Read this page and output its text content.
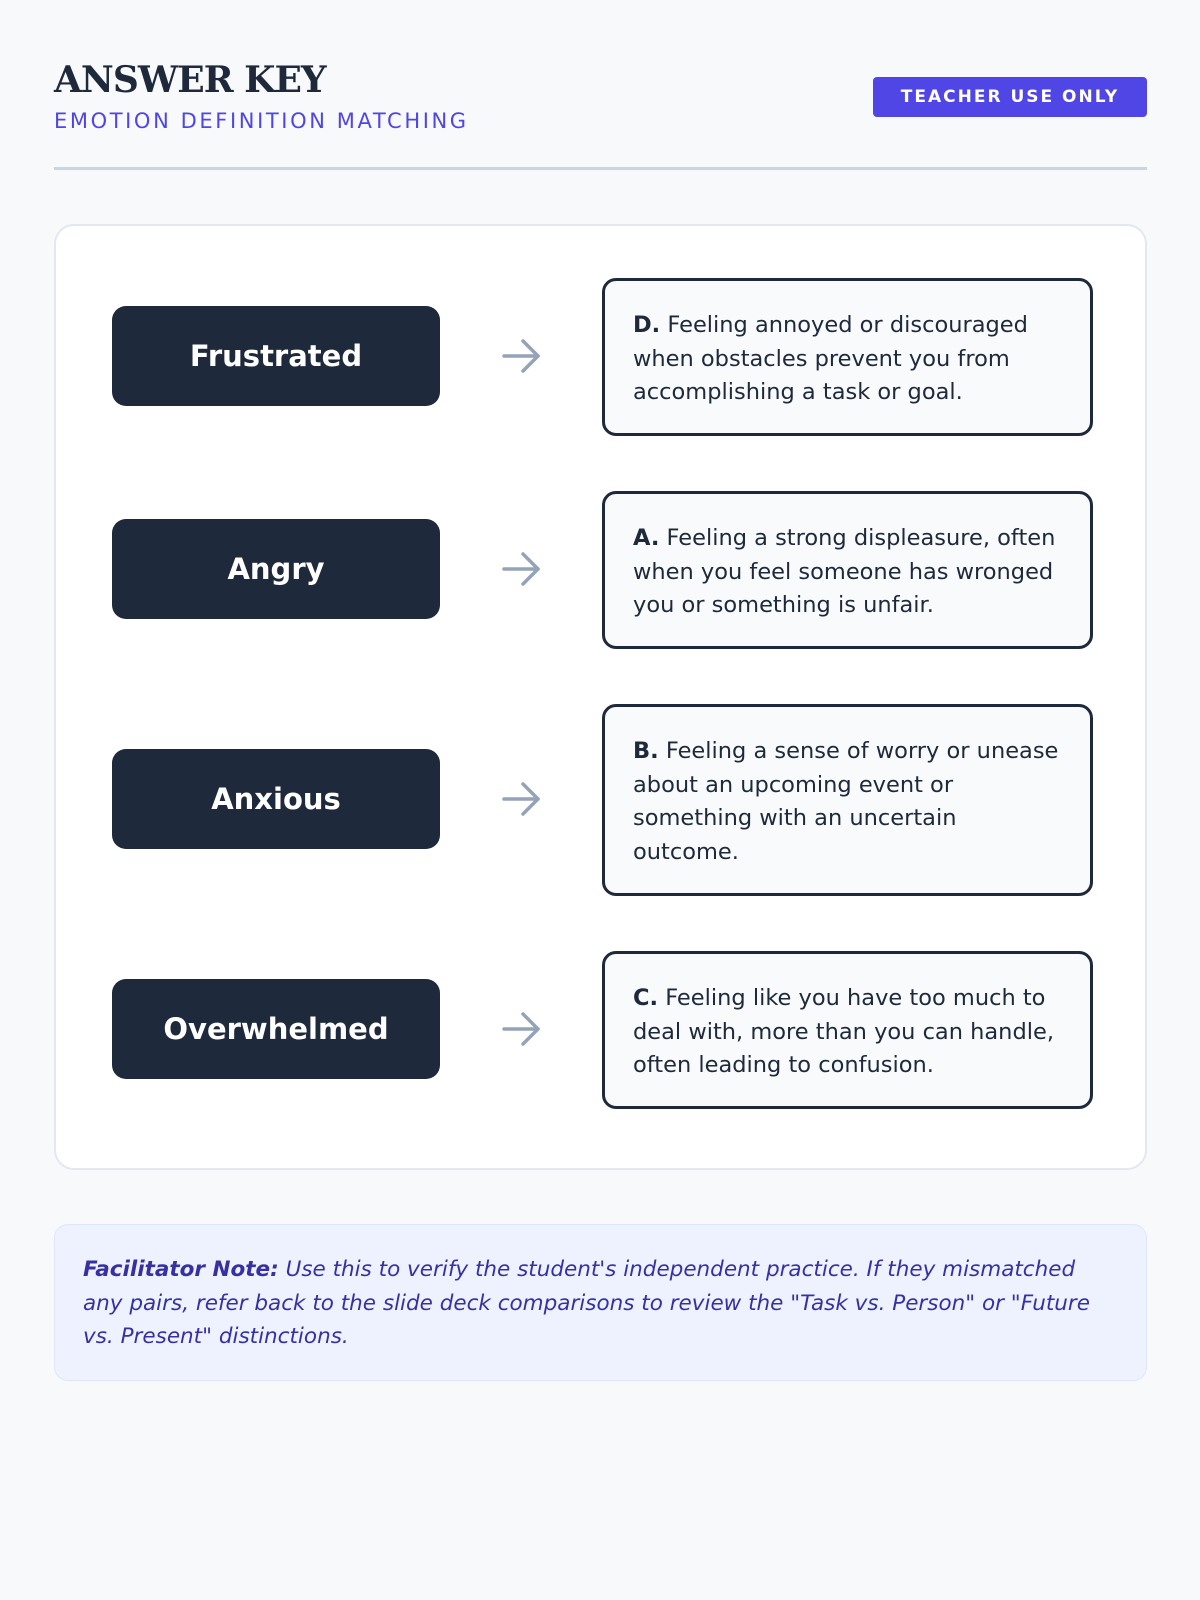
ANSWER KEY
EMOTION DEFINITION MATCHING
TEACHER USE ONLY
Frustrated
D. Feeling annoyed or discouraged when obstacles prevent you from accomplishing a task or goal.
Angry
A. Feeling a strong displeasure, often when you feel someone has wronged you or something is unfair.
Anxious
B. Feeling a sense of worry or unease about an upcoming event or something with an uncertain outcome.
Overwhelmed
C. Feeling like you have too much to deal with, more than you can handle, often leading to confusion.
Facilitator Note: Use this to verify the student's independent practice. If they mismatched any pairs, refer back to the slide deck comparisons to review the "Task vs. Person" or "Future vs. Present" distinctions.
